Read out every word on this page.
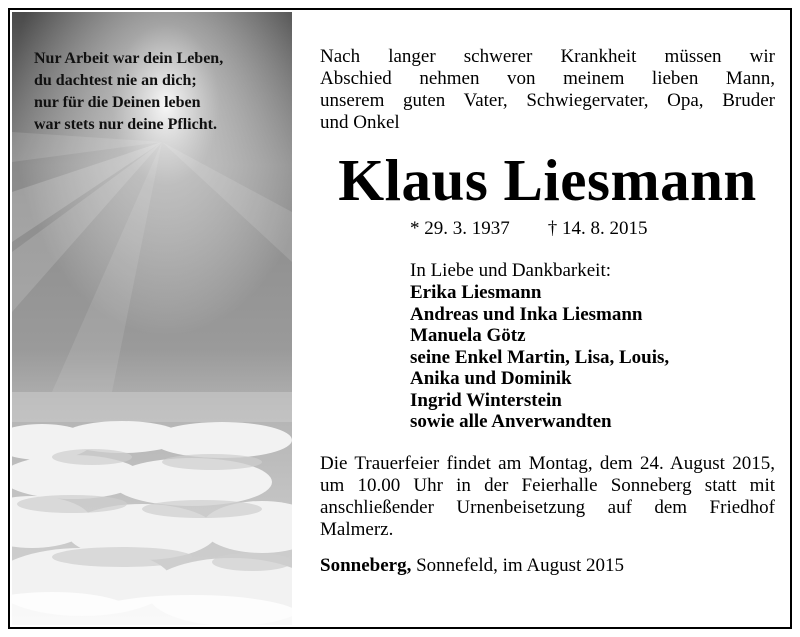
Nur Arbeit war dein Leben,
du dachtest nie an dich;
nur für die Deinen leben
war stets nur deine Pflicht.
Nach langer schwerer Krankheit müssen wir
Abschied nehmen von meinem lieben Mann,
unserem guten Vater, Schwiegervater, Opa, Bruder
und Onkel
Klaus Liesmann
* 29. 3. 1937 † 14. 8. 2015
In Liebe und Dankbarkeit:
Erika Liesmann
Andreas und Inka Liesmann
Manuela Götz
seine Enkel Martin, Lisa, Louis,
Anika und Dominik
Ingrid Winterstein
sowie alle Anverwandten
Die Trauerfeier findet am Montag, dem 24. August 2015, um 10.00 Uhr in der Feierhalle Sonneberg statt mit anschließender Urnenbeisetzung auf dem Friedhof Malmerz.
Sonneberg, Sonnefeld, im August 2015
